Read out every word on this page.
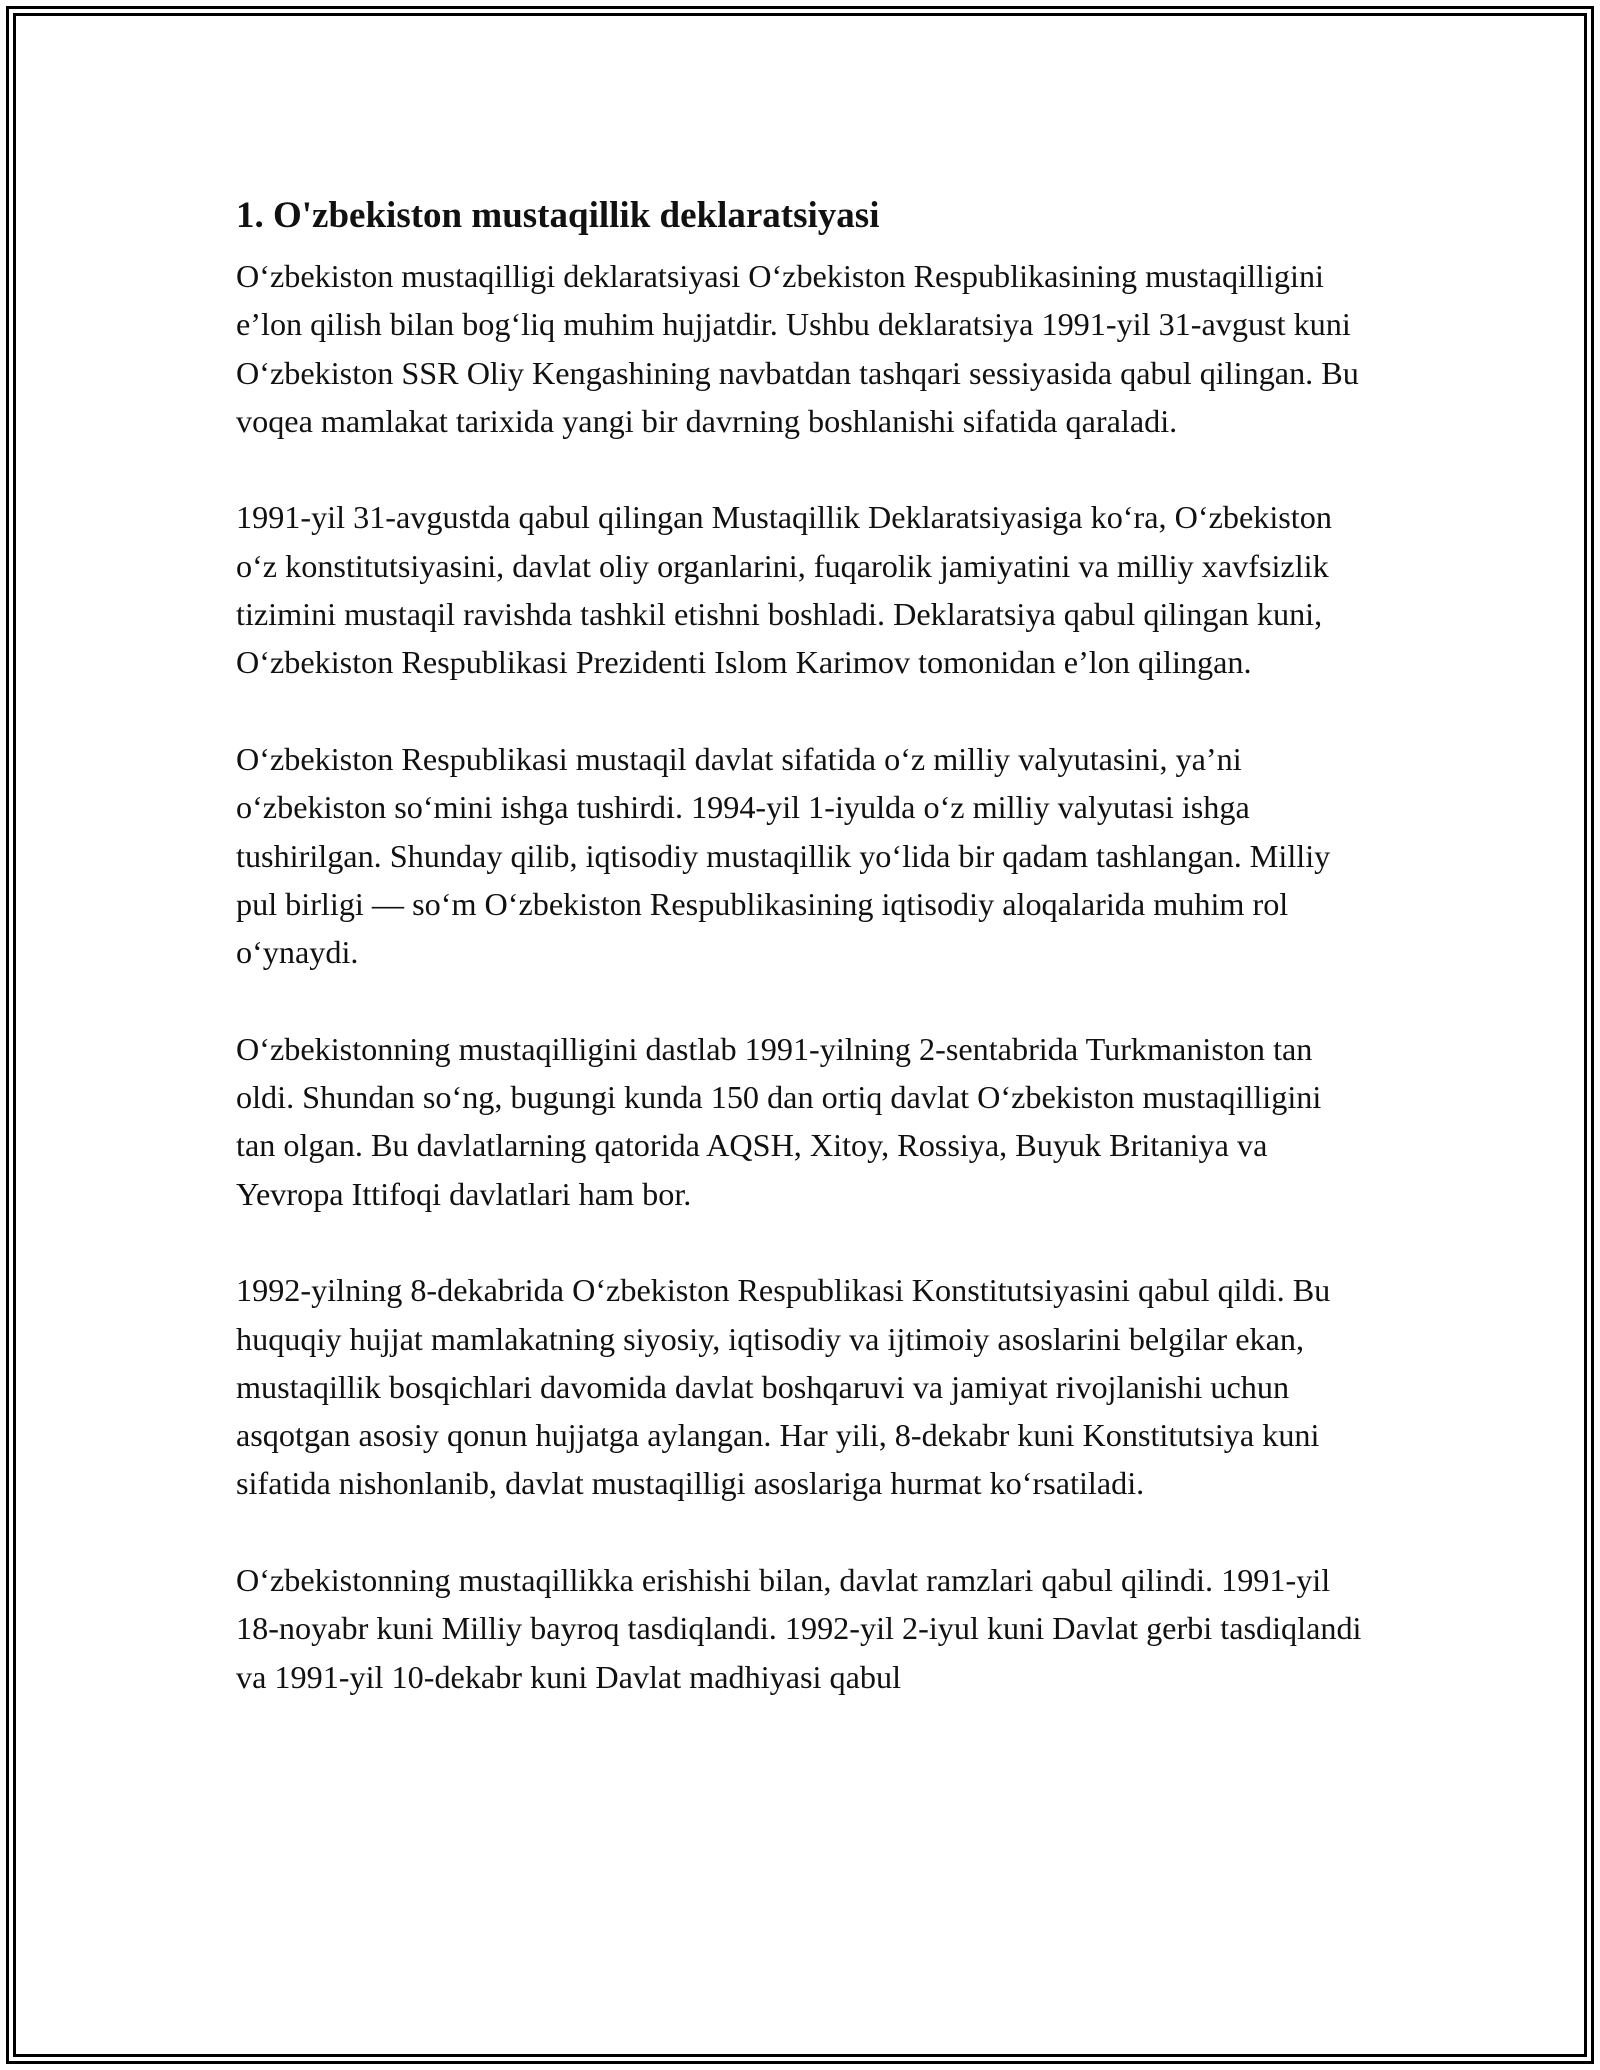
1. O'zbekiston mustaqillik deklaratsiyasi

O‘zbekiston mustaqilligi deklaratsiyasi O‘zbekiston Respublikasining mustaqilligini e’lon qilish bilan bog‘liq muhim hujjatdir. Ushbu deklaratsiya 1991-yil 31-avgust kuni O‘zbekiston SSR Oliy Kengashining navbatdan tashqari sessiyasida qabul qilingan. Bu voqea mamlakat tarixida yangi bir davrning boshlanishi sifatida qaraladi.

1991-yil 31-avgustda qabul qilingan Mustaqillik Deklaratsiyasiga ko‘ra, O‘zbekiston o‘z konstitutsiyasini, davlat oliy organlarini, fuqarolik jamiyatini va milliy xavfsizlik tizimini mustaqil ravishda tashkil etishni boshladi. Deklaratsiya qabul qilingan kuni, O‘zbekiston Respublikasi Prezidenti Islom Karimov tomonidan e’lon qilingan.

O‘zbekiston Respublikasi mustaqil davlat sifatida o‘z milliy valyutasini, ya’ni o‘zbekiston so‘mini ishga tushirdi. 1994-yil 1-iyulda o‘z milliy valyutasi ishga tushirilgan. Shunday qilib, iqtisodiy mustaqillik yo‘lida bir qadam tashlangan. Milliy pul birligi — so‘m O‘zbekiston Respublikasining iqtisodiy aloqalarida muhim rol o‘ynaydi.

O‘zbekistonning mustaqilligini dastlab 1991-yilning 2-sentabrida Turkmaniston tan oldi. Shundan so‘ng, bugungi kunda 150 dan ortiq davlat O‘zbekiston mustaqilligini tan olgan. Bu davlatlarning qatorida AQSH, Xitoy, Rossiya, Buyuk Britaniya va Yevropa Ittifoqi davlatlari ham bor.

1992-yilning 8-dekabrida O‘zbekiston Respublikasi Konstitutsiyasini qabul qildi. Bu huquqiy hujjat mamlakatning siyosiy, iqtisodiy va ijtimoiy asoslarini belgilar ekan, mustaqillik bosqichlari davomida davlat boshqaruvi va jamiyat rivojlanishi uchun asqotgan asosiy qonun hujjatga aylangan. Har yili, 8-dekabr kuni Konstitutsiya kuni sifatida nishonlanib, davlat mustaqilligi asoslariga hurmat ko‘rsatiladi.

O‘zbekistonning mustaqillikka erishishi bilan, davlat ramzlari qabul qilindi. 1991-yil 18-noyabr kuni Milliy bayroq tasdiqlandi. 1992-yil 2-iyul kuni Davlat gerbi tasdiqlandi va 1991-yil 10-dekabr kuni Davlat madhiyasi qabul
